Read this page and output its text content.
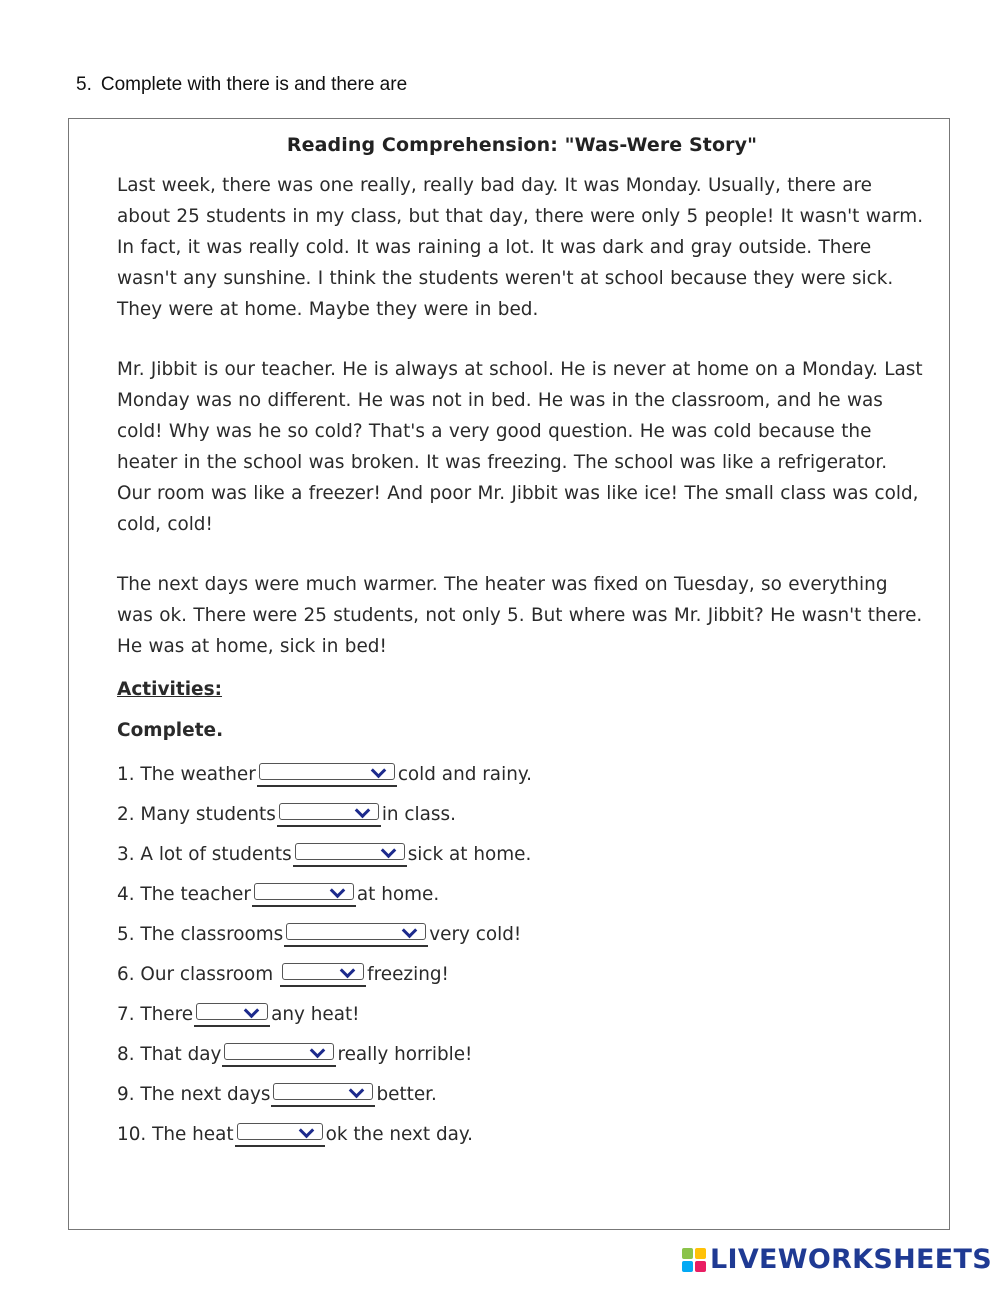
5. Complete with there is and there are
Reading Comprehension: "Was-Were Story"

Last week, there was one really, really bad day. It was Monday. Usually, there are about 25 students in my class, but that day, there were only 5 people! It wasn't warm. In fact, it was really cold. It was raining a lot. It was dark and gray outside. There wasn't any sunshine. I think the students weren't at school because they were sick. They were at home. Maybe they were in bed.

Mr. Jibbit is our teacher. He is always at school. He is never at home on a Monday. Last Monday was no different. He was not in bed. He was in the classroom, and he was cold! Why was he so cold? That's a very good question. He was cold because the heater in the school was broken. It was freezing. The school was like a refrigerator. Our room was like a freezer! And poor Mr. Jibbit was like ice! The small class was cold, cold, cold!

The next days were much warmer. The heater was fixed on Tuesday, so everything was ok. There were 25 students, not only 5. But where was Mr. Jibbit? He wasn't there. He was at home, sick in bed!

Activities:
Complete.
1. The weather	cold and rainy.
2. Many students	in class.
3. A lot of students	sick at home.
4. The teacher	at home.
5. The classrooms	very cold!
6. Our classroom	freezing!
7. There	any heat!
8. That day	really horrible!
9. The next days	better.
10. The heat	ok the next day.
LIVEWORKSHEETS
